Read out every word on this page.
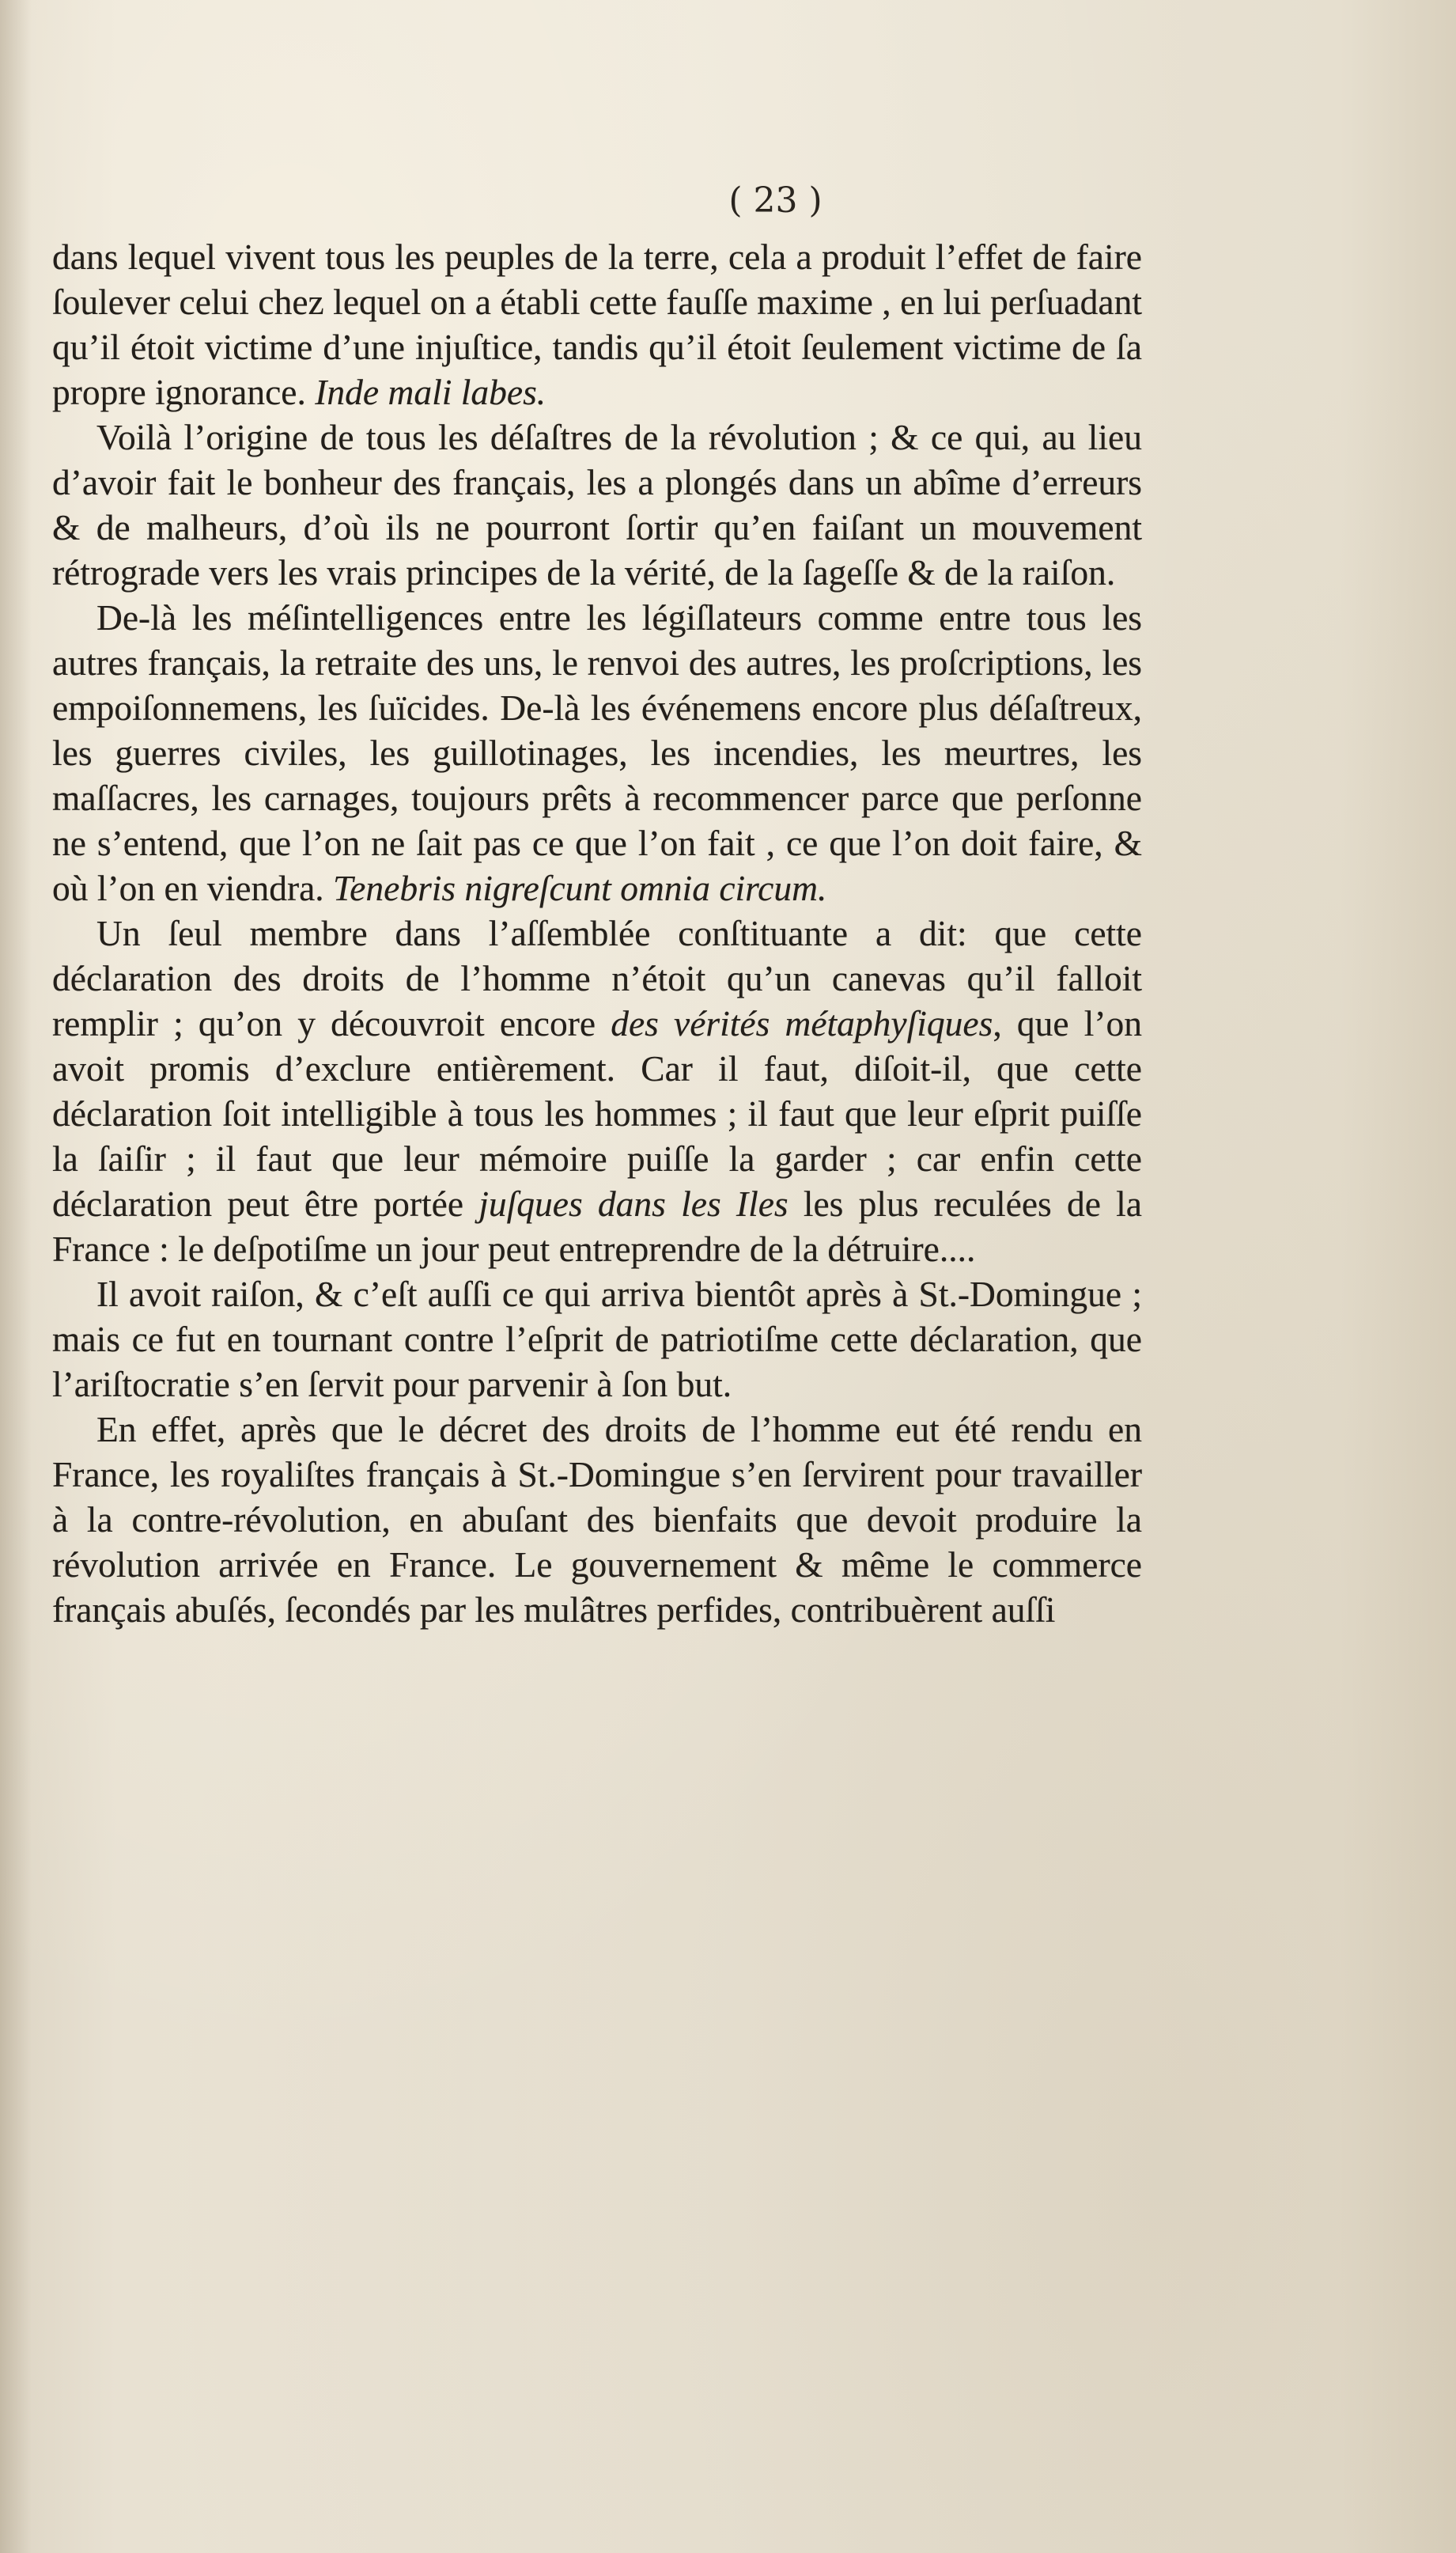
( 23 )

dans lequel vivent tous les peuples de la terre, cela a produit l’effet de faire ſoulever celui chez lequel on a établi cette fauſſe maxime , en lui perſuadant qu’il étoit victime d’une injuſtice, tandis qu’il étoit ſeulement victime de ſa propre ignorance. Inde mali labes.

Voilà l’origine de tous les déſaſtres de la révolution ; & ce qui, au lieu d’avoir fait le bonheur des français, les a plongés dans un abîme d’erreurs & de malheurs, d’où ils ne pourront ſortir qu’en faiſant un mouvement rétrograde vers les vrais principes de la vérité, de la ſageſſe & de la raiſon.

De-là les méſintelligences entre les légiſlateurs comme entre tous les autres français, la retraite des uns, le renvoi des autres, les proſcriptions, les empoiſonnemens, les ſuïcides. De-là les événemens encore plus déſaſtreux, les guerres civiles, les guillotinages, les incendies, les meurtres, les maſſacres, les carnages, toujours prêts à recommencer parce que perſonne ne s’entend, que l’on ne ſait pas ce que l’on fait , ce que l’on doit faire, & où l’on en viendra. Tenebris nigreſcunt omnia circum.

Un ſeul membre dans l’aſſemblée conſtituante a dit: que cette déclaration des droits de l’homme n’étoit qu’un canevas qu’il falloit remplir ; qu’on y découvroit encore des vérités métaphyſiques, que l’on avoit promis d’exclure entièrement. Car il faut, diſoit-il, que cette déclaration ſoit intelligible à tous les hommes ; il faut que leur eſprit puiſſe la ſaiſir ; il faut que leur mémoire puiſſe la garder ; car enfin cette déclaration peut être portée juſques dans les Iles les plus reculées de la France : le deſpotiſme un jour peut entreprendre de la détruire....

Il avoit raiſon, & c’eſt auſſi ce qui arriva bientôt après à St.-Domingue ; mais ce fut en tournant contre l’eſprit de patriotiſme cette déclaration, que l’ariſtocratie s’en ſervit pour parvenir à ſon but.

En effet, après que le décret des droits de l’homme eut été rendu en France, les royaliſtes français à St.-Domingue s’en ſervirent pour travailler à la contre-révolution, en abuſant des bienfaits que devoit produire la révolution arrivée en France. Le gouvernement & même le commerce français abuſés, ſecondés par les mulâtres perfides, contribuèrent auſſi
